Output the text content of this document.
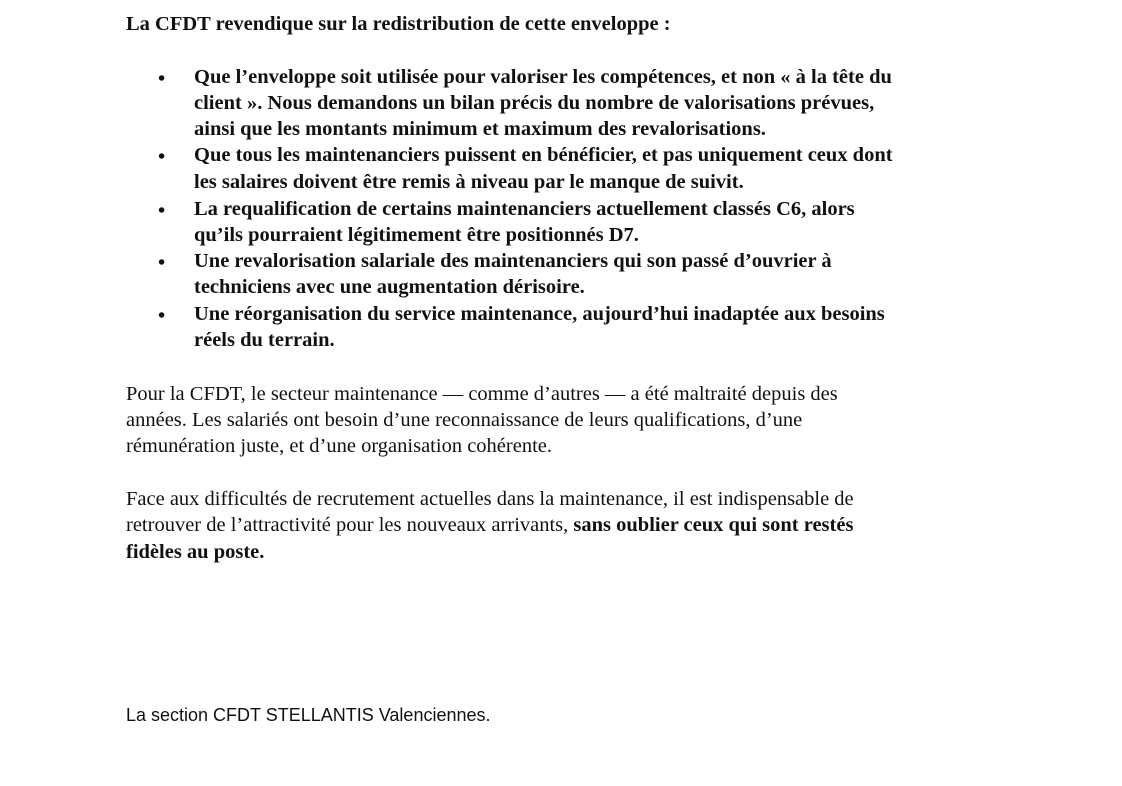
La CFDT revendique sur la redistribution de cette enveloppe :
• Que l’enveloppe soit utilisée pour valoriser les compétences, et non « à la tête du
client ». Nous demandons un bilan précis du nombre de valorisations prévues,
ainsi que les montants minimum et maximum des revalorisations.
• Que tous les maintenanciers puissent en bénéficier, et pas uniquement ceux dont
les salaires doivent être remis à niveau par le manque de suivit.
• La requalification de certains maintenanciers actuellement classés C6, alors
qu’ils pourraient légitimement être positionnés D7.
• Une revalorisation salariale des maintenanciers qui son passé d’ouvrier à
techniciens avec une augmentation dérisoire.
• Une réorganisation du service maintenance, aujourd’hui inadaptée aux besoins
réels du terrain.
Pour la CFDT, le secteur maintenance — comme d’autres — a été maltraité depuis des
années. Les salariés ont besoin d’une reconnaissance de leurs qualifications, d’une
rémunération juste, et d’une organisation cohérente.
Face aux difficultés de recrutement actuelles dans la maintenance, il est indispensable de
retrouver de l’attractivité pour les nouveaux arrivants, sans oublier ceux qui sont restés
fidèles au poste.
La section CFDT STELLANTIS Valenciennes.
